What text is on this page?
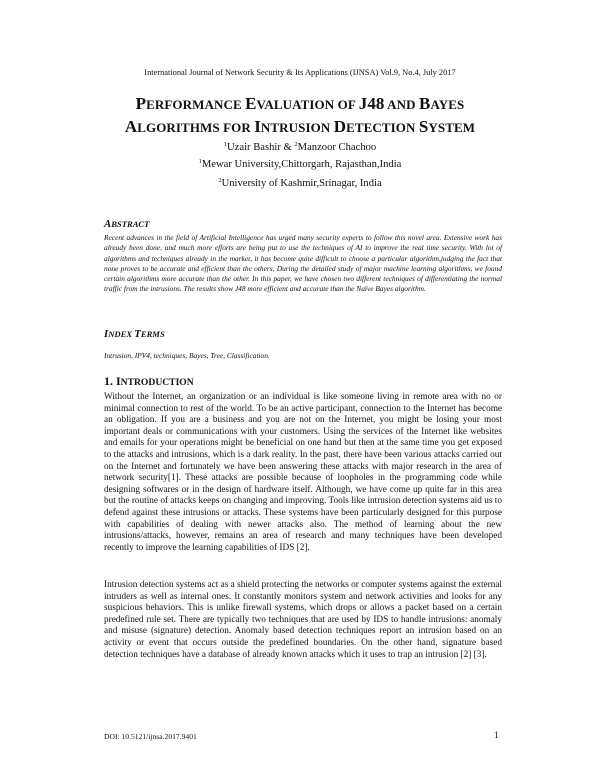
International Journal of Network Security & Its Applications (IJNSA) Vol.9, No.4, July 2017
PERFORMANCE EVALUATION OF J48 AND BAYES
ALGORITHMS FOR INTRUSION DETECTION SYSTEM
$^1$Uzair Bashir & $^2$Manzoor Chachoo
$^1$Mewar University,Chittorgarh, Rajasthan,India
$^2$University of Kashmir,Srinagar, India
ABSTRACT
Recent advances in the field of Artificial Intelligence has urged many security experts to follow this novel area. Extensive work has already been done, and much more efforts are being put to use the techniques of AI to improve the real time security. With lot of algorithms and techniques already in the market, it has become quite difficult to choose a particular algorithm,judging the fact that none proves to be accurate and efficient than the others. During the detailed study of major machine learning algorithms, we found certain algorithms more accurate than the other. In this paper, we have chosen two different techniques of differentiating the normal traffic from the intrusions. The results show J48 more efficient and accurate than the Naïve Bayes algorithm.
INDEX TERMS
Intrusion, IPV4, techniques, Bayes, Tree, Classification.
1. INTRODUCTION
Without the Internet, an organization or an individual is like someone living in remote area with no or minimal connection to rest of the world. To be an active participant, connection to the Internet has become an obligation. If you are a business and you are not on the Internet, you might be losing your most important deals or communications with your customers. Using the services of the Internet like websites and emails for your operations might be beneficial on one hand but then at the same time you get exposed to the attacks and intrusions, which is a dark reality. In the past, there have been various attacks carried out on the Internet and fortunately we have been answering these attacks with major research in the area of network security[1]. These attacks are possible because of loopholes in the programming code while designing softwares or in the design of hardware itself. Although, we have come up quite far in this area but the routine of attacks keeps on changing and improving. Tools like intrusion detection systems aid us to defend against these intrusions or attacks. These systems have been particularly designed for this purpose with capabilities of dealing with newer attacks also. The method of learning about the new intrusions/attacks, however, remains an area of research and many techniques have been developed recently to improve the learning capabilities of IDS [2].
Intrusion detection systems act as a shield protecting the networks or computer systems against the external intruders as well as internal ones. It constantly monitors system and network activities and looks for any suspicious behaviors. This is unlike firewall systems, which drops or allows a packet based on a certain predefined rule set. There are typically two techniques that are used by IDS to handle intrusions: anomaly and misuse (signature) detection. Anomaly based detection techniques report an intrusion based on an activity or event that occurs outside the predefined boundaries. On the other hand, signature based detection techniques have a database of already known attacks which it uses to trap an intrusion [2] [3].
DOI: 10.5121/ijnsa.2017.9401	1
